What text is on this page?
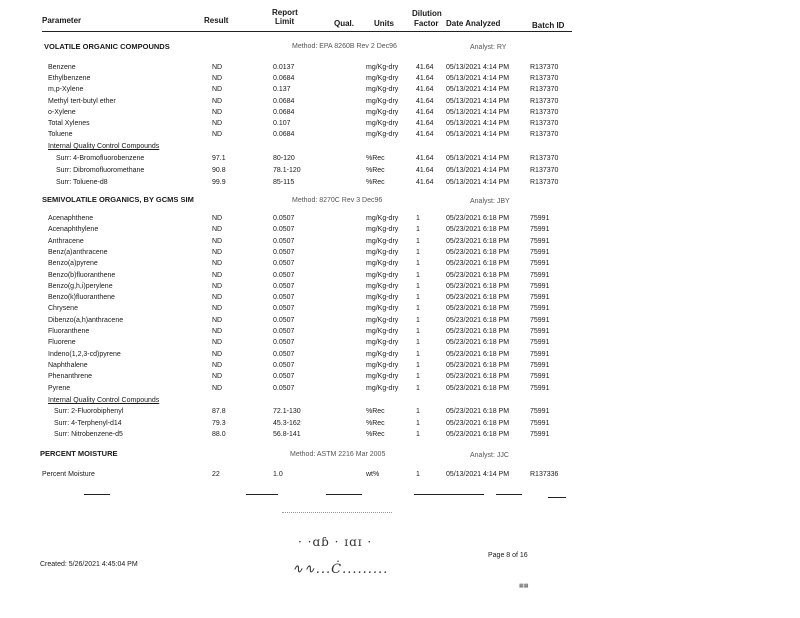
Parameter	Result
Report
Limit	Qual. Units
Dilution
Factor Date Analyzed	Batch ID
VOLATILE ORGANIC COMPOUNDS	Method: EPA 8260B Rev 2 Dec96	Analyst: RY
Benzene	ND	0.0137	mg/Kg-dry	41.64 05/13/2021 4:14 PM	R137370
Ethylbenzene	ND	0.0684	mg/Kg-dry	41.64 05/13/2021 4:14 PM	R137370
m,p-Xylene	ND	0.137	mg/Kg-dry	41.64 05/13/2021 4:14 PM	R137370
Methyl tert-butyl ether	ND	0.0684	mg/Kg-dry	41.64 05/13/2021 4:14 PM	R137370
o-Xylene	ND	0.0684	mg/Kg-dry	41.64 05/13/2021 4:14 PM	R137370
Total Xylenes	ND	0.107	mg/Kg-dry	41.64 05/13/2021 4:14 PM	R137370
Toluene	ND	0.0684	mg/Kg-dry	41.64 05/13/2021 4:14 PM	R137370
Internal Quality Control Compounds
Surr: 4-Bromofluorobenzene	97.1	80-120	%Rec	41.64 05/13/2021 4:14 PM	R137370
Surr: Dibromofluoromethane	90.8	78.1-120	%Rec	41.64 05/13/2021 4:14 PM	R137370
Surr: Toluene-d8	99.9	85-115	%Rec	41.64 05/13/2021 4:14 PM	R137370
SEMIVOLATILE ORGANICS, BY GCMS SIM	Method: 8270C Rev 3 Dec96	Analyst: JBY
Acenaphthene	ND	0.0507	mg/Kg-dry	1	05/23/2021 6:18 PM	75991
Acenaphthylene	ND	0.0507	mg/Kg-dry	1	05/23/2021 6:18 PM	75991
Anthracene	ND	0.0507	mg/Kg-dry	1	05/23/2021 6:18 PM	75991
Benz(a)anthracene	ND	0.0507	mg/Kg-dry	1	05/23/2021 6:18 PM	75991
Benzo(a)pyrene	ND	0.0507	mg/Kg-dry	1	05/23/2021 6:18 PM	75991
Benzo(b)fluoranthene	ND	0.0507	mg/Kg-dry	1	05/23/2021 6:18 PM	75991
Benzo(g,h,i)perylene	ND	0.0507	mg/Kg-dry	1	05/23/2021 6:18 PM	75991
Benzo(k)fluoranthene	ND	0.0507	mg/Kg-dry	1	05/23/2021 6:18 PM	75991
Chrysene	ND	0.0507	mg/Kg-dry	1	05/23/2021 6:18 PM	75991
Dibenzo(a,h)anthracene	ND	0.0507	mg/Kg-dry	1	05/23/2021 6:18 PM	75991
Fluoranthene	ND	0.0507	mg/Kg-dry	1	05/23/2021 6:18 PM	75991
Fluorene	ND	0.0507	mg/Kg-dry	1	05/23/2021 6:18 PM	75991
Indeno(1,2,3-cd)pyrene	ND	0.0507	mg/Kg-dry	1	05/23/2021 6:18 PM	75991
Naphthalene	ND	0.0507	mg/Kg-dry	1	05/23/2021 6:18 PM	75991
Phenanthrene	ND	0.0507	mg/Kg-dry	1	05/23/2021 6:18 PM	75991
Pyrene	ND	0.0507	mg/Kg-dry	1	05/23/2021 6:18 PM	75991
Internal Quality Control Compounds
Surr: 2-Fluorobiphenyl	87.8	72.1-130	%Rec	1	05/23/2021 6:18 PM	75991
Surr: 4-Terphenyl-d14	79.3	45.3-162	%Rec	1	05/23/2021 6:18 PM	75991
Surr: Nitrobenzene-d5	88.0	56.8-141	%Rec	1	05/23/2021 6:18 PM	75991
PERCENT MOISTURE	Method: ASTM 2216 Mar 2005	Analyst: JJC
Percent Moisture	22	1.0	wt%	1	05/13/2021 4:14 PM	R137336
· ·ɑɓ · ɪɑɪ ·
∿∿...Ċ.........
Created: 5/26/2021 4:45:04 PM
Page 8 of 16
▦▦
